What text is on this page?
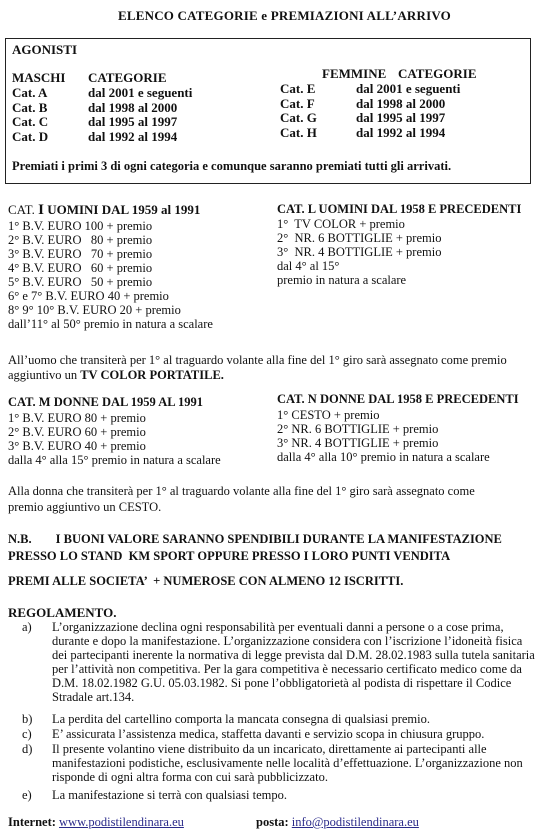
ELENCO CATEGORIE e PREMIAZIONI ALL’ARRIVO
AGONISTI
MASCHI CATEGORIE	FEMMINE CATEGORIE
Cat. A	dal 2001 e seguenti
Cat. B	dal 1998 al 2000
Cat. C	dal 1995 al 1997
Cat. D	dal 1992 al 1994
Cat. E	dal 2001 e seguenti
Cat. F	dal 1998 al 2000
Cat. G	dal 1995 al 1997
Cat. H	dal 1992 al 1994
Premiati i primi 3 di ogni categoria e comunque saranno premiati tutti gli arrivati.
CAT. I UOMINI DAL 1959 al 1991
1° B.V. EURO 100 + premio
2° B.V. EURO   80 + premio
3° B.V. EURO   70 + premio
4° B.V. EURO   60 + premio
5° B.V. EURO   50 + premio
6° e 7° B.V. EURO 40 + premio
8° 9° 10° B.V. EURO 20 + premio
dall’11° al 50° premio in natura a scalare
CAT. L UOMINI DAL 1958 E PRECEDENTI
1°  TV COLOR + premio
2°  NR. 6 BOTTIGLIE + premio
3°  NR. 4 BOTTIGLIE + premio
dal 4° al 15°
premio in natura a scalare
All’uomo che transiterà per 1° al traguardo volante alla fine del 1° giro sarà assegnato come premio
aggiuntivo un TV COLOR PORTATILE.
CAT. M DONNE DAL 1959 AL 1991
1° B.V. EURO 80 + premio
2° B.V. EURO 60 + premio
3° B.V. EURO 40 + premio
dalla 4° alla 15° premio in natura a scalare
CAT. N DONNE DAL 1958 E PRECEDENTI
1° CESTO + premio
2° NR. 6 BOTTIGLIE + premio
3° NR. 4 BOTTIGLIE + premio
dalla 4° alla 10° premio in natura a scalare
Alla donna che transiterà per 1° al traguardo volante alla fine del 1° giro sarà assegnato come
premio aggiuntivo un CESTO.
N.B. I BUONI VALORE SARANNO SPENDIBILI DURANTE LA MANIFESTAZIONE
PRESSO LO STAND  KM SPORT OPPURE PRESSO I LORO PUNTI VENDITA
PREMI ALLE SOCIETA’  + NUMEROSE CON ALMENO 12 ISCRITTI.
REGOLAMENTO.
a) L’organizzazione declina ogni responsabilità per eventuali danni a persone o a cose prima, durante e dopo la manifestazione. L’organizzazione considera con l’iscrizione l’idoneità fisica dei partecipanti inerente la normativa di legge prevista dal D.M. 28.02.1983 sulla tutela sanitaria per l’attività non competitiva. Per la gara competitiva è necessario certificato medico come da D.M. 18.02.1982 G.U. 05.03.1982. Si pone l’obbligatorietà al podista di rispettare il Codice Stradale art.134.
b) La perdita del cartellino comporta la mancata consegna di qualsiasi premio.
c) E’ assicurata l’assistenza medica, staffetta davanti e servizio scopa in chiusura gruppo.
d) Il presente volantino viene distribuito da un incaricato, direttamente ai partecipanti alle manifestazioni podistiche, esclusivamente nelle località d’effettuazione. L’organizzazione non risponde di ogni altra forma con cui sarà pubblicizzato.
e) La manifestazione si terrà con qualsiasi tempo.
Internet: www.podistilendinara.eu	posta: info@podistilendinara.eu
